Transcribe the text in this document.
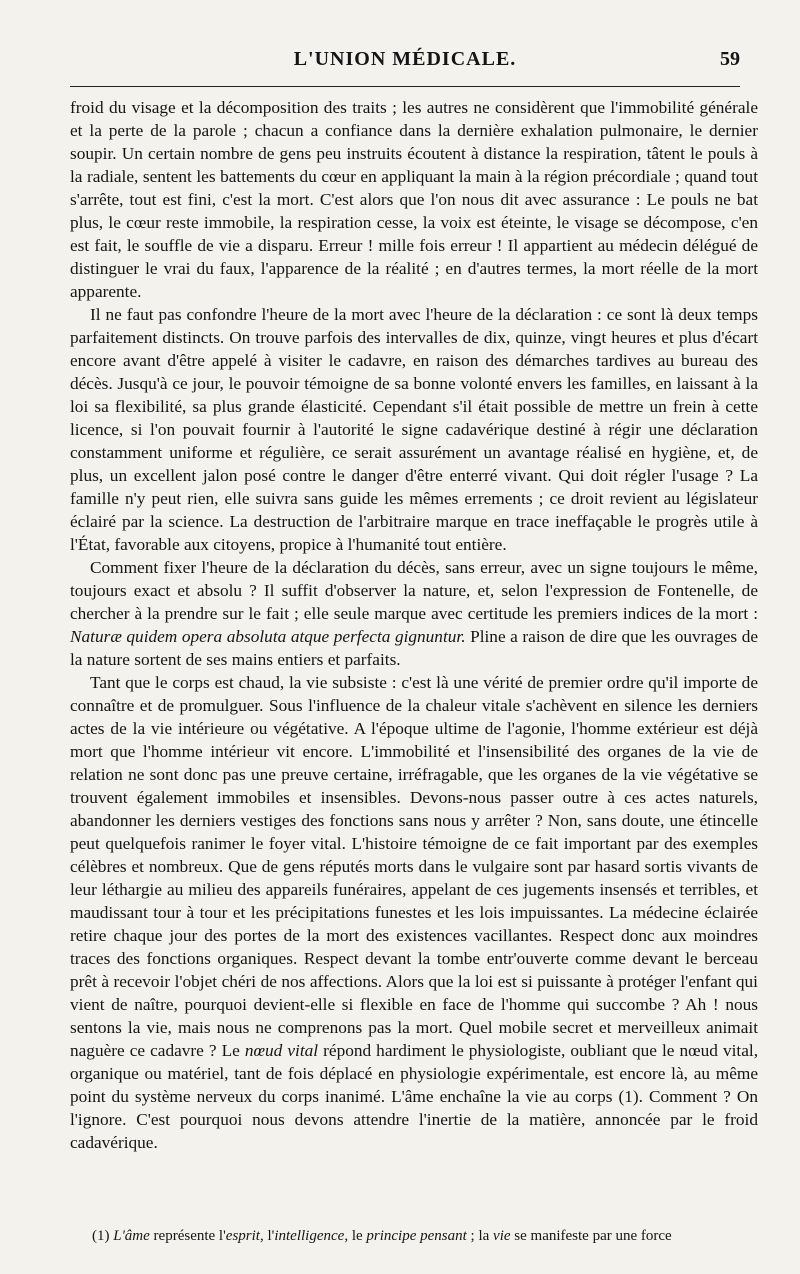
L'UNION MÉDICALE.	59

froid du visage et la décomposition des traits ; les autres ne considèrent que l'immobilité générale et la perte de la parole ; chacun a confiance dans la dernière exhalation pulmonaire, le dernier soupir. Un certain nombre de gens peu instruits écoutent à distance la respiration, tâtent le pouls à la radiale, sentent les battements du cœur en appliquant la main à la région précordiale ; quand tout s'arrête, tout est fini, c'est la mort. C'est alors que l'on nous dit avec assurance : Le pouls ne bat plus, le cœur reste immobile, la respiration cesse, la voix est éteinte, le visage se décompose, c'en est fait, le souffle de vie a disparu. Erreur ! mille fois erreur ! Il appartient au médecin délégué de distinguer le vrai du faux, l'apparence de la réalité ; en d'autres termes, la mort réelle de la mort apparente.

Il ne faut pas confondre l'heure de la mort avec l'heure de la déclaration : ce sont là deux temps parfaitement distincts. On trouve parfois des intervalles de dix, quinze, vingt heures et plus d'écart encore avant d'être appelé à visiter le cadavre, en raison des démarches tardives au bureau des décès. Jusqu'à ce jour, le pouvoir témoigne de sa bonne volonté envers les familles, en laissant à la loi sa flexibilité, sa plus grande élasticité. Cependant s'il était possible de mettre un frein à cette licence, si l'on pouvait fournir à l'autorité le signe cadavérique destiné à régir une déclaration constamment uniforme et régulière, ce serait assurément un avantage réalisé en hygiène, et, de plus, un excellent jalon posé contre le danger d'être enterré vivant. Qui doit régler l'usage ? La famille n'y peut rien, elle suivra sans guide les mêmes errements ; ce droit revient au législateur éclairé par la science. La destruction de l'arbitraire marque en trace ineffaçable le progrès utile à l'État, favorable aux citoyens, propice à l'humanité tout entière.

Comment fixer l'heure de la déclaration du décès, sans erreur, avec un signe toujours le même, toujours exact et absolu ? Il suffit d'observer la nature, et, selon l'expression de Fontenelle, de chercher à la prendre sur le fait ; elle seule marque avec certitude les premiers indices de la mort : Naturæ quidem opera absoluta atque perfecta gignuntur. Pline a raison de dire que les ouvrages de la nature sortent de ses mains entiers et parfaits.

Tant que le corps est chaud, la vie subsiste : c'est là une vérité de premier ordre qu'il importe de connaître et de promulguer. Sous l'influence de la chaleur vitale s'achèvent en silence les derniers actes de la vie intérieure ou végétative. A l'époque ultime de l'agonie, l'homme extérieur est déjà mort que l'homme intérieur vit encore. L'immobilité et l'insensibilité des organes de la vie de relation ne sont donc pas une preuve certaine, irréfragable, que les organes de la vie végétative se trouvent également immobiles et insensibles. Devons-nous passer outre à ces actes naturels, abandonner les derniers vestiges des fonctions sans nous y arrêter ? Non, sans doute, une étincelle peut quelquefois ranimer le foyer vital. L'histoire témoigne de ce fait important par des exemples célèbres et nombreux. Que de gens réputés morts dans le vulgaire sont par hasard sortis vivants de leur léthargie au milieu des appareils funéraires, appelant de ces jugements insensés et terribles, et maudissant tour à tour et les précipitations funestes et les lois impuissantes. La médecine éclairée retire chaque jour des portes de la mort des existences vacillantes. Respect donc aux moindres traces des fonctions organiques. Respect devant la tombe entr'ouverte comme devant le berceau prêt à recevoir l'objet chéri de nos affections. Alors que la loi est si puissante à protéger l'enfant qui vient de naître, pourquoi devient-elle si flexible en face de l'homme qui succombe ? Ah ! nous sentons la vie, mais nous ne comprenons pas la mort. Quel mobile secret et merveilleux animait naguère ce cadavre ? Le nœud vital répond hardiment le physiologiste, oubliant que le nœud vital, organique ou matériel, tant de fois déplacé en physiologie expérimentale, est encore là, au même point du système nerveux du corps inanimé. L'âme enchaîne la vie au corps (1). Comment ? On l'ignore. C'est pourquoi nous devons attendre l'inertie de la matière, annoncée par le froid cadavérique.

(1) L'âme représente l'esprit, l'intelligence, le principe pensant ; la vie se manifeste par une force
